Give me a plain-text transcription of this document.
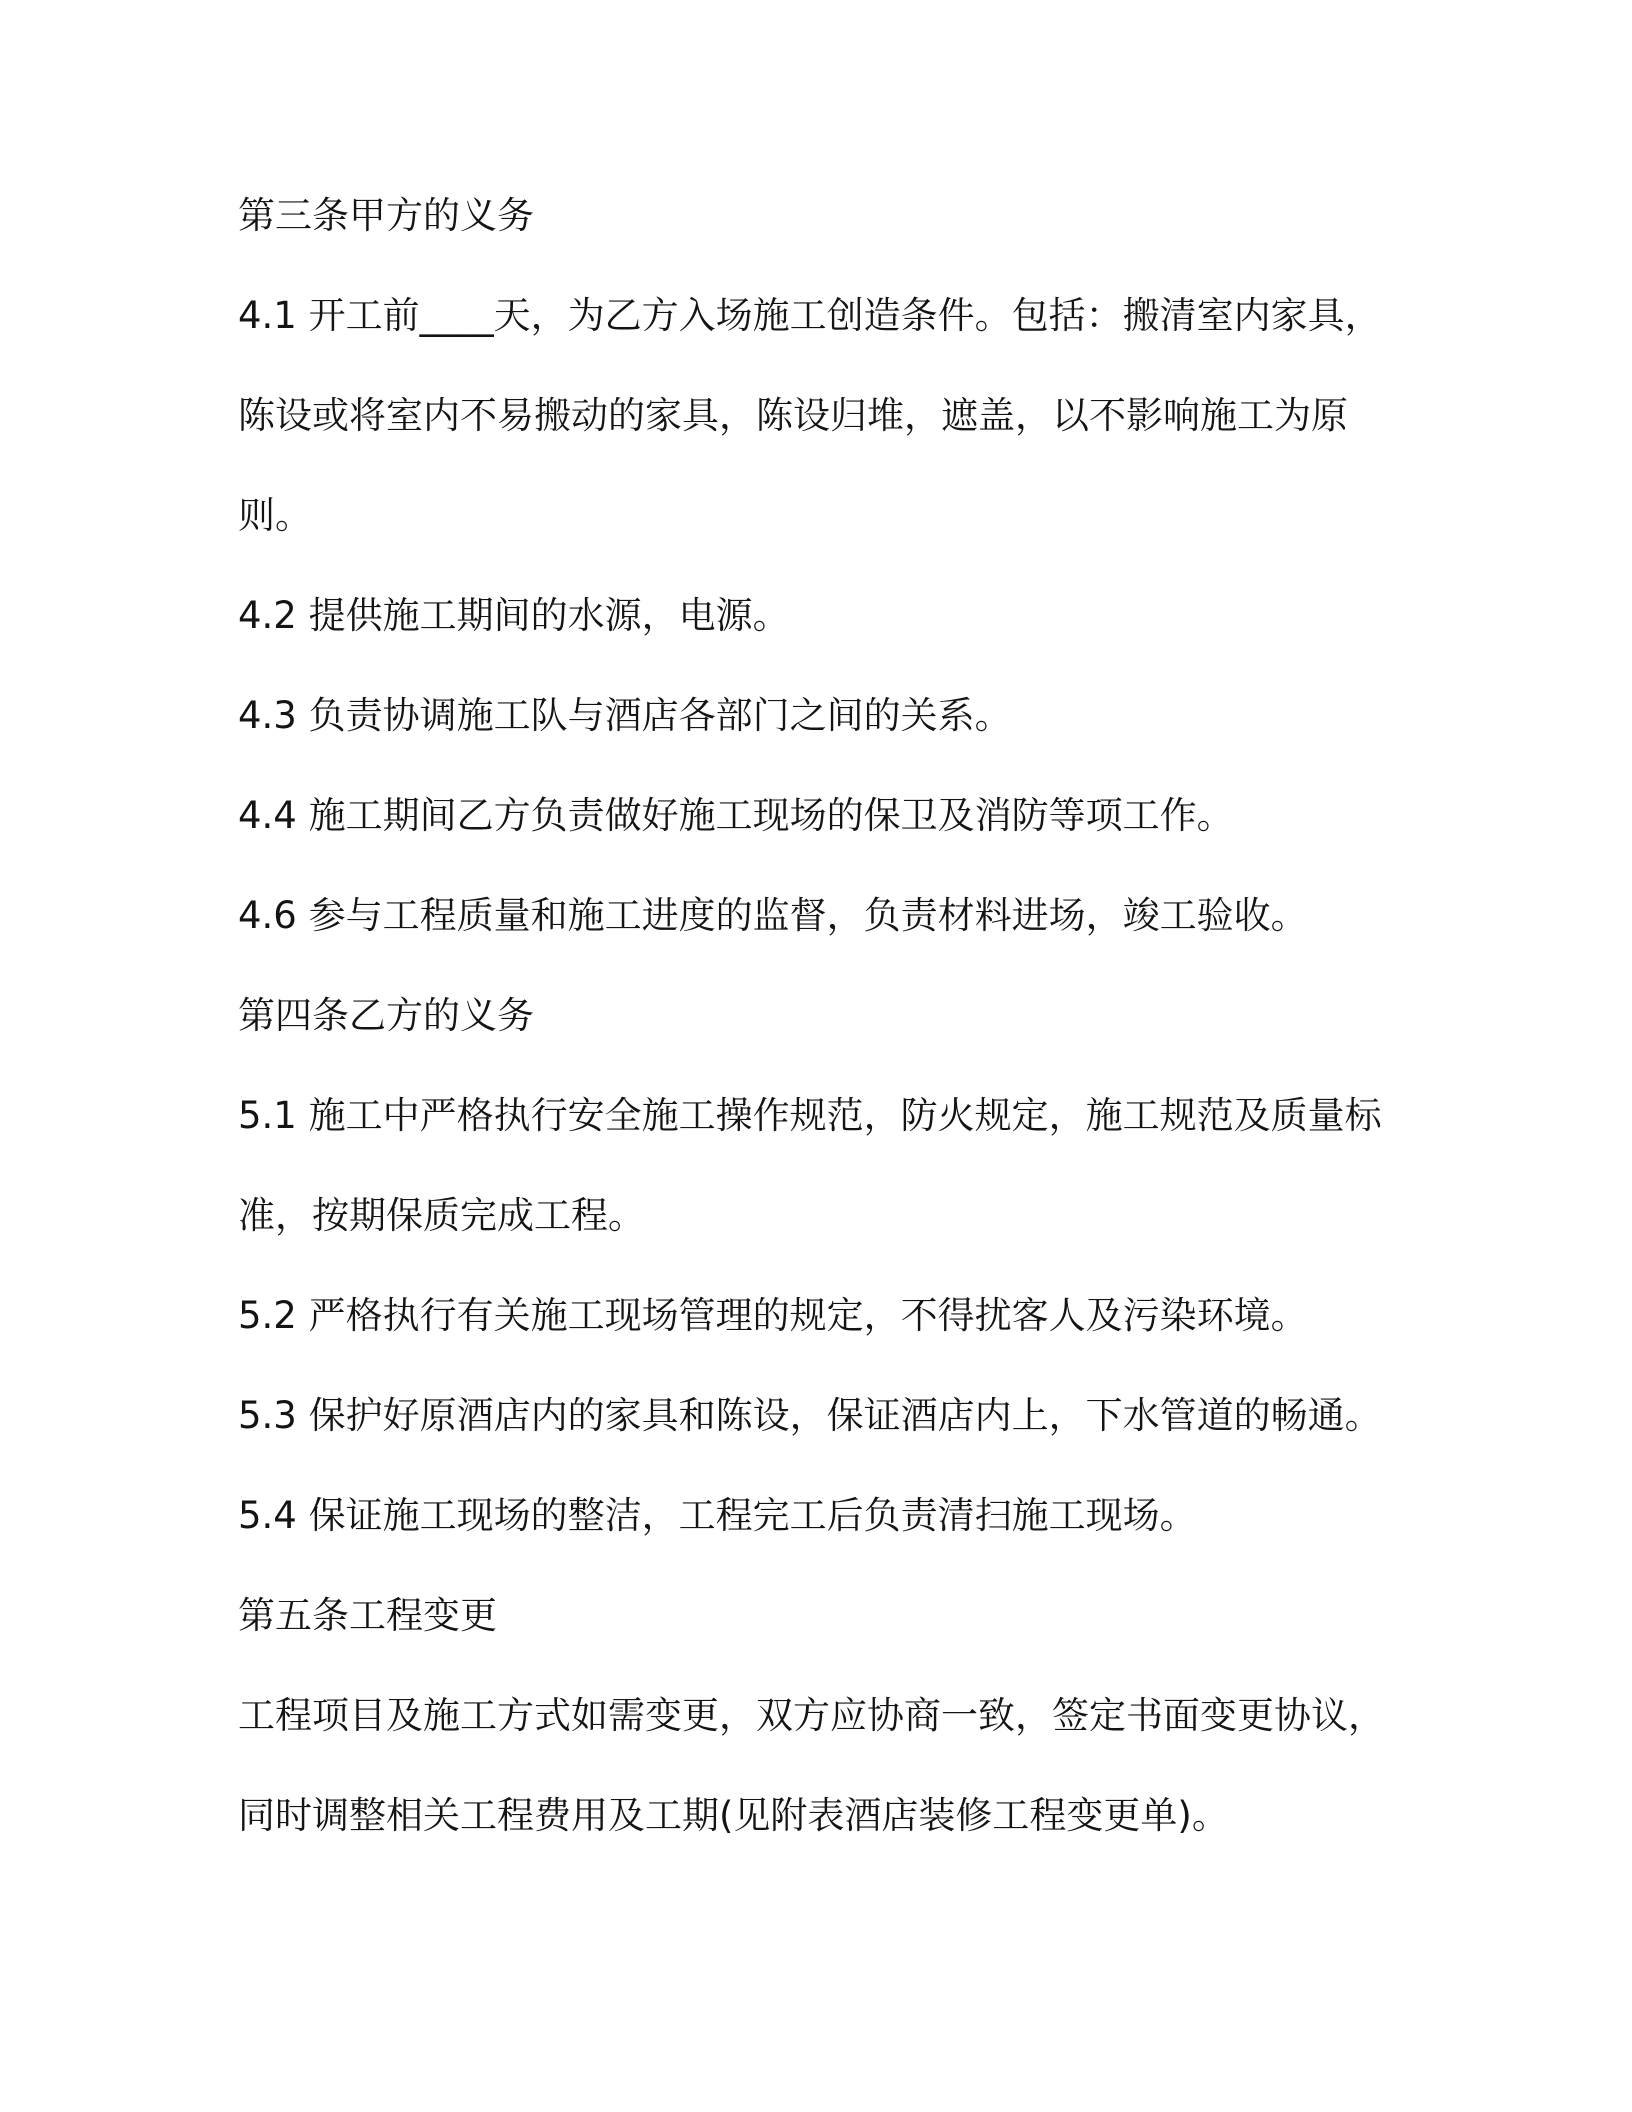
第三条甲方的义务
4.1 开工前____天，为乙方入场施工创造条件。包括：搬清室内家具，
陈设或将室内不易搬动的家具，陈设归堆，遮盖，以不影响施工为原
则。
4.2 提供施工期间的水源，电源。
4.3 负责协调施工队与酒店各部门之间的关系。
4.4 施工期间乙方负责做好施工现场的保卫及消防等项工作。
4.6 参与工程质量和施工进度的监督，负责材料进场，竣工验收。
第四条乙方的义务
5.1 施工中严格执行安全施工操作规范，防火规定，施工规范及质量标
准，按期保质完成工程。
5.2 严格执行有关施工现场管理的规定，不得扰客人及污染环境。
5.3 保护好原酒店内的家具和陈设，保证酒店内上，下水管道的畅通。
5.4 保证施工现场的整洁，工程完工后负责清扫施工现场。
第五条工程变更
工程项目及施工方式如需变更，双方应协商一致，签定书面变更协议，
同时调整相关工程费用及工期(见附表酒店装修工程变更单)。
